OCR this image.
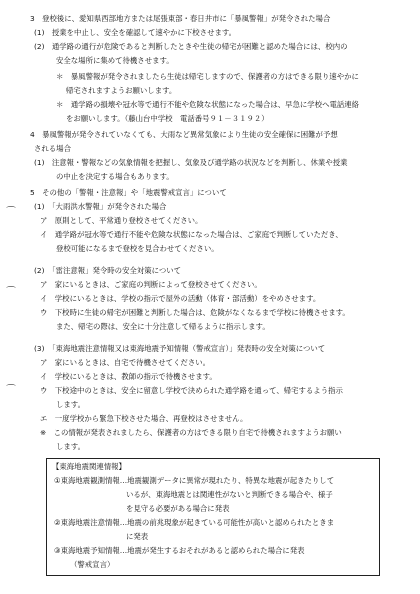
3　登校後に、愛知県西部地方または尾張東部・春日井市に「暴風警報」が発令された場合
(1)　授業を中止し、安全を確認して速やかに下校させます。
(2)　通学路の通行が危険であると判断したときや生徒の帰宅が困難と認めた場合には、校内の
安全な場所に集めて待機させます。
＊　暴風警報が発令されましたら生徒は帰宅しますので、保護者の方はできる限り速やかに
帰宅されますようお願いします。
＊　通学路の損壊や冠水等で通行不能や危険な状態になった場合は、早急に学校へ電話連絡
をお願いします。（藤山台中学校　電話番号９１－３１９２）
4　暴風警報が発令されていなくても、大雨など異常気象により生徒の安全確保に困難が予想
される場合
(1)　注意報・警報などの気象情報を把握し、気象及び通学路の状況などを判断し、休業や授業
の中止を決定する場合もあります。
5　その他の「警報・注意報」や「地震警戒宣言」について
(1)　「大雨洪水警報」が発令された場合
ア　原則として、平常通り登校させてください。
イ　通学路が冠水等で通行不能や危険な状態になった場合は、ご家庭で判断していただき、
登校可能になるまで登校を見合わせてください。
(2)　「雷注意報」発令時の安全対策について
ア　家にいるときは、ご家庭の判断によって登校させてください。
イ　学校にいるときは、学校の指示で屋外の活動（体育・部活動）をやめさせます。
ウ　下校時に生徒の帰宅が困難と判断した場合は、危険がなくなるまで学校に待機させます。
また、帰宅の際は、安全に十分注意して帰るように指示します。
(3)　「東海地震注意情報又は東海地震予知情報（警戒宣言）」発表時の安全対策について
ア　家にいるときは、自宅で待機させてください。
イ　学校にいるときは、教師の指示で待機させます。
ウ　下校途中のときは、安全に留意し学校で決められた通学路を通って、帰宅するよう指示
します。
エ　一度学校から緊急下校させた場合、再登校はさせません。
※　この情報が発表されましたら、保護者の方はできる限り自宅で待機されますようお願い
します。
⌒
⌒
⌒
【東海地震関連情報】
①東海地震観測情報…地震観測データに異常が現れたり、特異な地震が起きたりして
いるが、東海地震とは関連性がないと判断できる場合や、様子
を見守る必要がある場合に発表
②東海地震注意情報…地震の前兆現象が起きている可能性が高いと認められたときま
に発表
③東海地震予知情報…地震が発生するおそれがあると認められた場合に発表
（警戒宣言）
